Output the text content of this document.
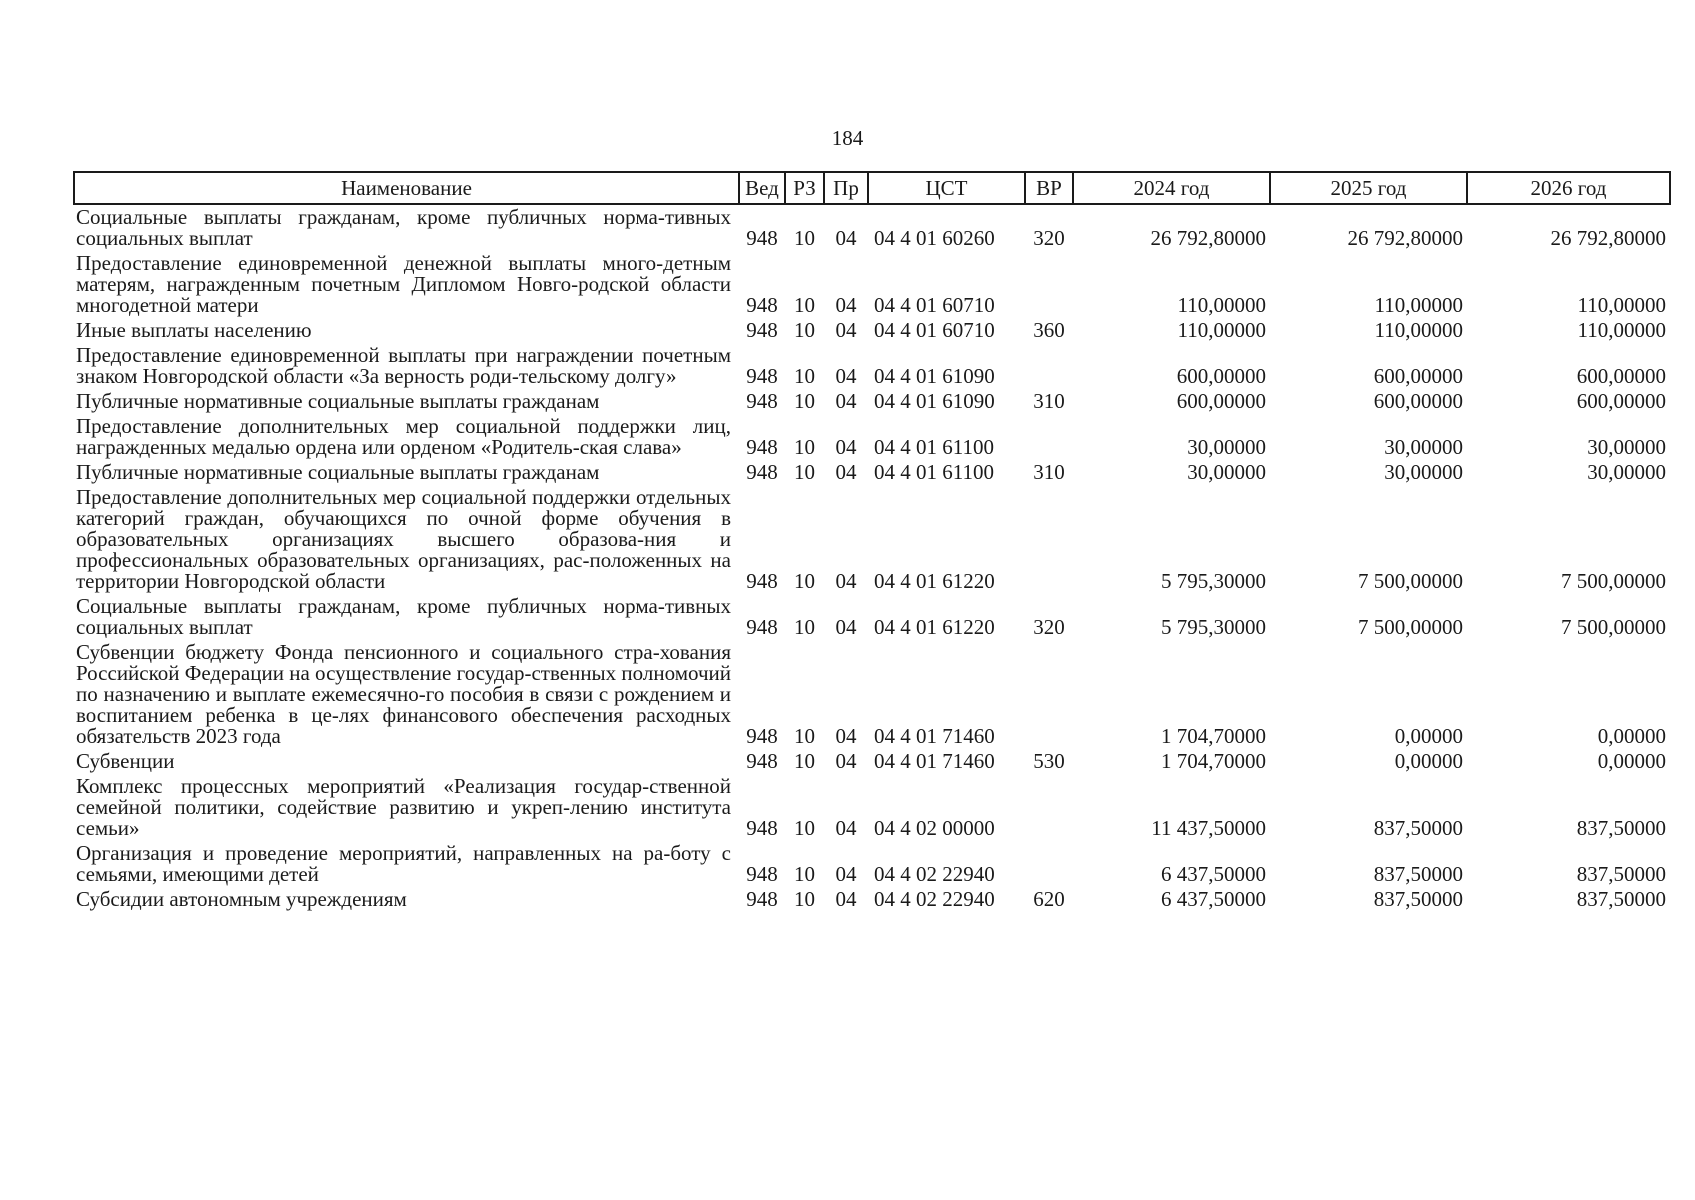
184
Наименование	Вед	РЗ	Пр	ЦСТ	ВР	2024 год	2025 год	2026 год
Социальные выплаты гражданам, кроме публичных норма-тивных социальных выплат	948	10	04	04 4 01 60260	320	26 792,80000	26 792,80000	26 792,80000
Предоставление единовременной денежной выплаты много-детным матерям, награжденным почетным Дипломом Новго-родской области многодетной матери	948	10	04	04 4 01 60710		110,00000	110,00000	110,00000
Иные выплаты населению	948	10	04	04 4 01 60710	360	110,00000	110,00000	110,00000
Предоставление единовременной выплаты при награждении почетным знаком Новгородской области «За верность роди-тельскому долгу»	948	10	04	04 4 01 61090		600,00000	600,00000	600,00000
Публичные нормативные социальные выплаты гражданам	948	10	04	04 4 01 61090	310	600,00000	600,00000	600,00000
Предоставление дополнительных мер социальной поддержки лиц, награжденных медалью ордена или орденом «Родитель-ская слава»	948	10	04	04 4 01 61100		30,00000	30,00000	30,00000
Публичные нормативные социальные выплаты гражданам	948	10	04	04 4 01 61100	310	30,00000	30,00000	30,00000
Предоставление дополнительных мер социальной поддержки отдельных категорий граждан, обучающихся по очной форме обучения в образовательных организациях высшего образова-ния и профессиональных образовательных организациях, рас-положенных на территории Новгородской области	948	10	04	04 4 01 61220		5 795,30000	7 500,00000	7 500,00000
Социальные выплаты гражданам, кроме публичных норма-тивных социальных выплат	948	10	04	04 4 01 61220	320	5 795,30000	7 500,00000	7 500,00000
Субвенции бюджету Фонда пенсионного и социального стра-хования Российской Федерации на осуществление государ-ственных полномочий по назначению и выплате ежемесячно-го пособия в связи с рождением и воспитанием ребенка в це-лях финансового обеспечения расходных обязательств 2023 года	948	10	04	04 4 01 71460		1 704,70000	0,00000	0,00000
Субвенции	948	10	04	04 4 01 71460	530	1 704,70000	0,00000	0,00000
Комплекс процессных мероприятий «Реализация государ-ственной семейной политики, содействие развитию и укреп-лению института семьи»	948	10	04	04 4 02 00000		11 437,50000	837,50000	837,50000
Организация и проведение мероприятий, направленных на ра-боту с семьями, имеющими детей	948	10	04	04 4 02 22940		6 437,50000	837,50000	837,50000
Субсидии автономным учреждениям	948	10	04	04 4 02 22940	620	6 437,50000	837,50000	837,50000
